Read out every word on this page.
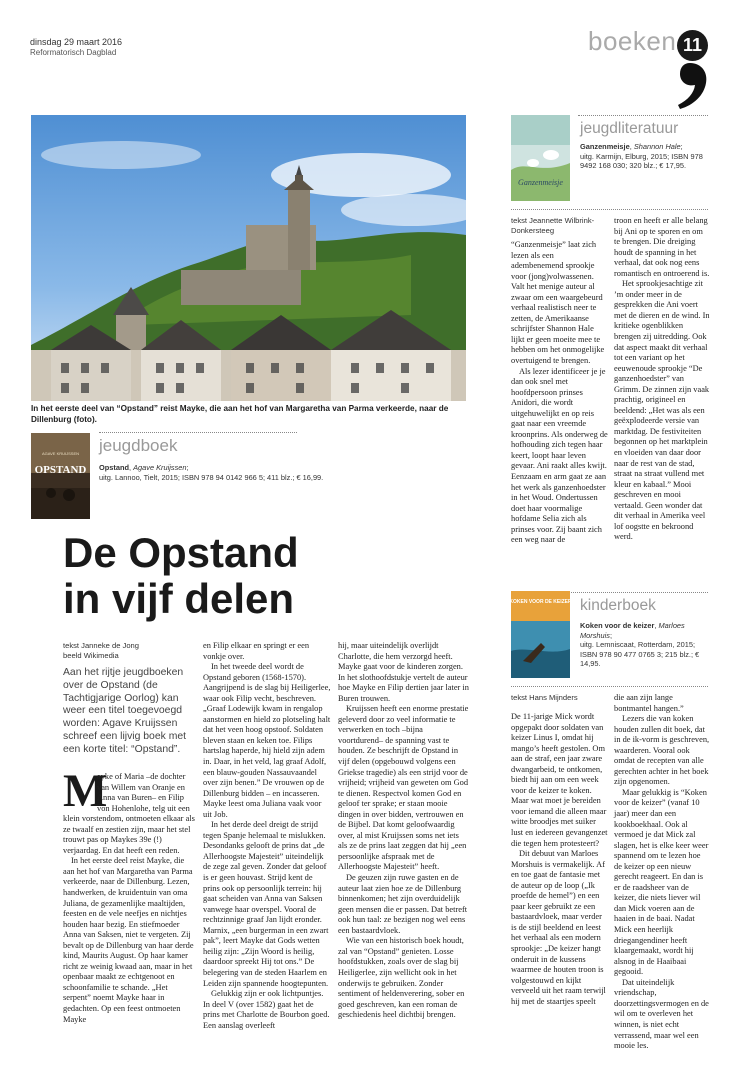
dinsdag 29 maart 2016
Reformatorisch Dagblad	boeken 11
In het eerste deel van “Opstand” reist Mayke, die aan het hof van Margaretha van Parma verkeerde, naar de Dillenburg (foto).
AGAVE KRUIJSSEN
OPSTAND
jeugdboek
Opstand, Agave Kruijssen;
uitg. Lannoo, Tielt, 2015; ISBN 978 94 0142 966 5; 411 blz.; € 16,99.
De Opstand
in vijf delen
tekst Janneke de Jong
beeld Wikimedia
Aan het rijtje jeugdboeken over de Opstand (de Tachtigjarige Oorlog) kan weer een titel toegevoegd worden: Agave Kruijssen schreef een lijvig boek met een korte titel: “Opstand”.
M

ayke of Maria –de dochter van Willem van Oranje en Anna van Buren– en Filip von Hohenlohe, telg uit een klein vorstendom, ontmoeten elkaar als ze twaalf en zestien zijn, maar het stel trouwt pas op Maykes 39e (!) verjaardag. En dat heeft een reden.

In het eerste deel reist Mayke, die aan het hof van Margaretha van Parma verkeerde, naar de Dillenburg. Lezen, handwerken, de kruidentuin van oma Juliana, de gezamenlijke maaltijden, feesten en de vele neefjes en nichtjes houden haar bezig. En stiefmoeder Anna van Saksen, niet te vergeten. Zij bevalt op de Dillenburg van haar derde kind, Maurits August. Op haar kamer richt ze weinig kwaad aan, maar in het openbaar maakt ze echtgenoot en schoonfamilie te schande. „Het serpent” noemt Mayke haar in gedachten. Op een feest ontmoeten Mayke

en Filip elkaar en springt er een vonkje over.

In het tweede deel wordt de Opstand geboren (1568-1570). Aangrijpend is de slag bij Heiligerlee, waar ook Filip vecht, beschreven. „Graaf Lodewijk kwam in rengalop aanstormen en hield zo plotseling halt dat het veen hoog opstoof. Soldaten bleven staan en keken toe. Filips hartslag haperde, hij hield zijn adem in. Daar, in het veld, lag graaf Adolf, een blauw-gouden Nassauvaandel over zijn benen.” De vrouwen op de Dillenburg bidden – en incasseren. Mayke leest oma Juliana vaak voor uit Job.

In het derde deel dreigt de strijd tegen Spanje helemaal te mislukken. Desondanks gelooft de prins dat „de Allerhoogste Majesteit” uiteindelijk de zege zal geven. Zonder dat geloof is er geen houvast. Strijd kent de prins ook op persoonlijk terrein: hij gaat scheiden van Anna van Saksen vanwege haar overspel. Vooral de rechtzinnige graaf Jan lijdt eronder. Marnix, „een burgerman in een zwart pak”, leert Mayke dat Gods wetten heilig zijn: „Zijn Woord is heilig, daardoor spreekt Hij tot ons.” De belegering van de steden Haarlem en Leiden zijn spannende hoogtepunten.

Gelukkig zijn er ook lichtpuntjes. In deel V (over 1582) gaat het de prins met Charlotte de Bourbon goed. Een aanslag overleeft

hij, maar uiteindelijk overlijdt Charlotte, die hem verzorgd heeft. Mayke gaat voor de kinderen zorgen. In het slothoofdstukje vertelt de auteur hoe Mayke en Filip dertien jaar later in Buren trouwen.

Kruijssen heeft een enorme prestatie geleverd door zo veel informatie te verwerken en toch –bijna voortdurend– de spanning vast te houden. Ze beschrijft de Opstand in vijf delen (opgebouwd volgens een Griekse tragedie) als een strijd voor de vrijheid; vrijheid van geweten om God te dienen. Respectvol komen God en geloof ter sprake; er staan mooie dingen in over bidden, vertrouwen en de Bijbel. Dat komt geloofwaardig over, al mist Kruijssen soms net iets als ze de prins laat zeggen dat hij „een persoonlijke afspraak met de Allerhoogste Majesteit” heeft.

De geuzen zijn ruwe gasten en de auteur laat zien hoe ze de Dillenburg binnenkomen; het zijn overduidelijk geen mensen die er passen. Dat betreft ook hun taal: ze bezigen nog wel eens een bastaardvloek.

Wie van een historisch boek houdt, zal van “Opstand” genieten. Losse hoofdstukken, zoals over de slag bij Heiligerlee, zijn wellicht ook in het onderwijs te gebruiken. Zonder sentiment of heldenverering, sober en goed geschreven, kan een roman de geschiedenis heel dichtbij brengen.

Ganzenmeisje
jeugdliteratuur
Ganzenmeisje, Shannon Hale;
uitg. Karmijn, Elburg, 2015; ISBN 978 9492 168 030; 320 blz.; € 17,95.
tekst Jeannette Wilbrink-Donkersteeg

“Ganzenmeisje” laat zich lezen als een adembenemend sprookje voor (jong)volwassenen. Valt het menige auteur al zwaar om een waargebeurd verhaal realistisch neer te zetten, de Amerikaanse schrijfster Shannon Hale lijkt er geen moeite mee te hebben om het onmogelijke overtuigend te brengen.

Als lezer identificeer je je dan ook snel met hoofdpersoon prinses Anidori, die wordt uitgehuwelijkt en op reis gaat naar een vreemde kroonprins. Als onderweg de hofhouding zich tegen haar keert, loopt haar leven gevaar. Ani raakt alles kwijt. Eenzaam en arm gaat ze aan het werk als ganzenhoedster in het Woud. Ondertussen doet haar voormalige hofdame Selia zich als prinses voor. Zij baant zich een weg naar de

troon en heeft er alle belang bij Ani op te sporen en om te brengen. Die dreiging houdt de spanning in het verhaal, dat ook nog eens romantisch en ontroerend is.

Het sprookjesachtige zit ’m onder meer in de gesprekken die Ani voert met de dieren en de wind. In kritieke ogenblikken brengen zij uitredding. Ook dat aspect maakt dit verhaal tot een variant op het eeuwenoude sprookje “De ganzenhoedster” van Grimm. De zinnen zijn vaak prachtig, origineel en beeldend: „Het was als een geëxplodeerde versie van marktdag. De festiviteiten begonnen op het marktplein en vloeiden van daar door naar de rest van de stad, straat na straat vullend met kleur en kabaal.” Mooi geschreven en mooi vertaald. Geen wonder dat dit verhaal in Amerika veel lof oogstte en bekroond werd.

KOKEN VOOR DE KEIZER kinderboek
Koken voor de keizer, Marloes Morshuis;
uitg. Lemniscaat, Rotterdam, 2015; ISBN 978 90 477 0765 3; 215 blz.; € 14,95.
tekst Hans Mijnders

De 11-jarige Mick wordt opgepakt door soldaten van keizer Linus I, omdat hij mango’s heeft gestolen. Om aan de straf, een jaar zware dwangarbeid, te ontkomen, biedt hij aan om een week voor de keizer te koken. Maar wat moet je bereiden voor iemand die alleen maar witte broodjes met suiker lust en iedereen gevangenzet die tegen hem protesteert?

Dit debuut van Marloes Morshuis is vermakelijk. Af en toe gaat de fantasie met de auteur op de loop („Ik proefde de hemel”) en een paar keer gebruikt ze een bastaardvloek, maar verder is de stijl beeldend en leest het verhaal als een modern sprookje: „De keizer hangt onderuit in de kussens waarmee de houten troon is volgestouwd en kijkt verveeld uit het raam terwijl hij met de staartjes speelt

die aan zijn lange bontmantel hangen.”

Lezers die van koken houden zullen dit boek, dat in de ik-vorm is geschreven, waarderen. Vooral ook omdat de recepten van alle gerechten achter in het boek zijn opgenomen.

Maar gelukkig is “Koken voor de keizer” (vanaf 10 jaar) meer dan een kookboekhaal. Ook al vermoed je dat Mick zal slagen, het is elke keer weer spannend om te lezen hoe de keizer op een nieuw gerecht reageert. En dan is er de raadsheer van de keizer, die niets liever wil dan Mick voeren aan de haaien in de baai. Nadat Mick een heerlijk driegangendiner heeft klaargemaakt, wordt hij alsnog in de Haaibaai gegooid.

Dat uiteindelijk vriendschap, doorzettingsvermogen en de wil om te overleven het winnen, is niet echt verrassend, maar wel een mooie les.
